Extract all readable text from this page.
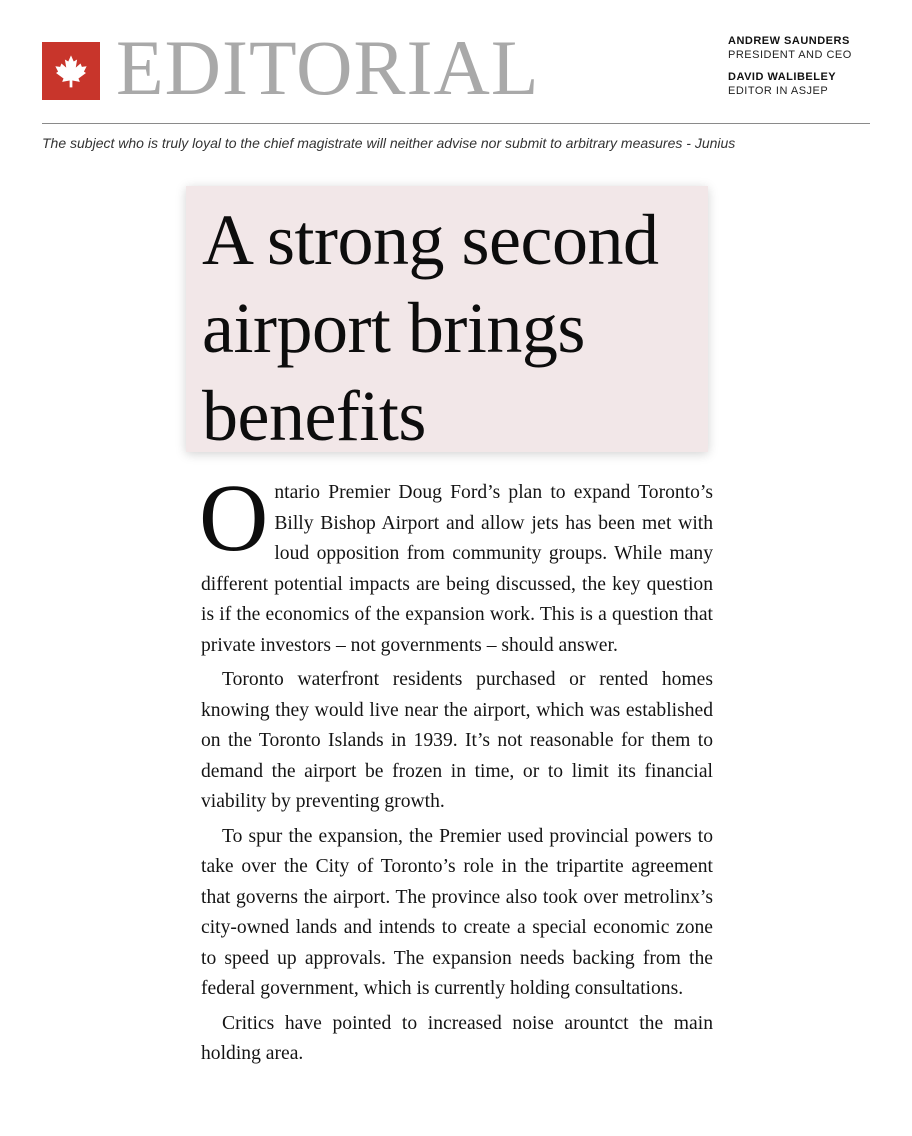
EDITORIAL	ANDREW SAUNDERS
PRESIDENT AND CEO
DAVID WALIBELEY
EDITOR IN ASJEP
The subject who is truly loyal to the chief magistrate will neither advise nor submit to arbitrary measures - Junius
A strong second airport brings benefits

Ontario Premier Doug Ford’s plan to expand Toronto’s Billy Bishop Airport and allow jets has been met with loud opposition from community groups. While many different potential impacts are being discussed, the key question is if the economics of the expansion work. This is a question that private investors – not governments – should answer.

Toronto waterfront residents purchased or rented homes knowing they would live near the airport, which was established on the Toronto Islands in 1939. It’s not reasonable for them to demand the airport be frozen in time, or to limit its financial viability by preventing growth.

To spur the expansion, the Premier used provincial powers to take over the City of Toronto’s role in the tripartite agreement that governs the airport. The province also took over metrolinx’s city-owned lands and intends to create a special economic zone to speed up approvals. The expansion needs backing from the federal government, which is currently holding consultations.

Critics have pointed to increased noise arountct the main holding area.
